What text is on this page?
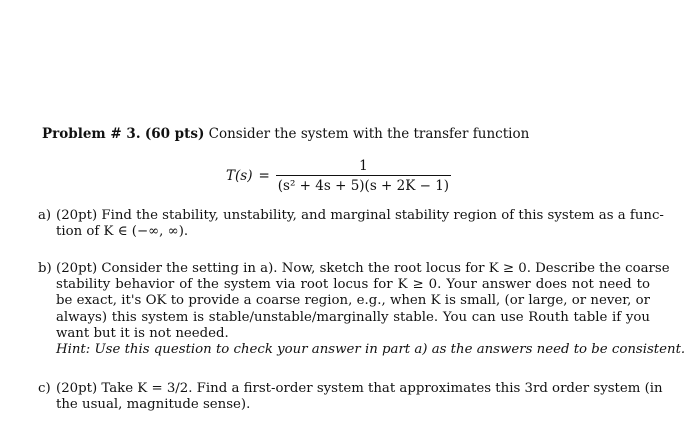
Problem # 3. (60 pts) Consider the system with the transfer function
$T(s) = \frac{1}{\text{(s² + 4s + 5)(s + 2K − 1)}}$
a) (20pt) Find the stability, unstability, and marginal stability region of this system as a func-
tion of K ∈ (−∞, ∞).
b) (20pt) Consider the setting in a). Now, sketch the root locus for K ≥ 0. Describe the coarse
stability behavior of the system via root locus for K ≥ 0. Your answer does not need to
be exact, it's OK to provide a coarse region, e.g., when K is small, (or large, or never, or
always) this system is stable/unstable/marginally stable. You can use Routh table if you
want but it is not needed.
Hint: Use this question to check your answer in part a) as the answers need to be consistent.
c) (20pt) Take K = 3/2. Find a first-order system that approximates this 3rd order system (in
the usual, magnitude sense).
